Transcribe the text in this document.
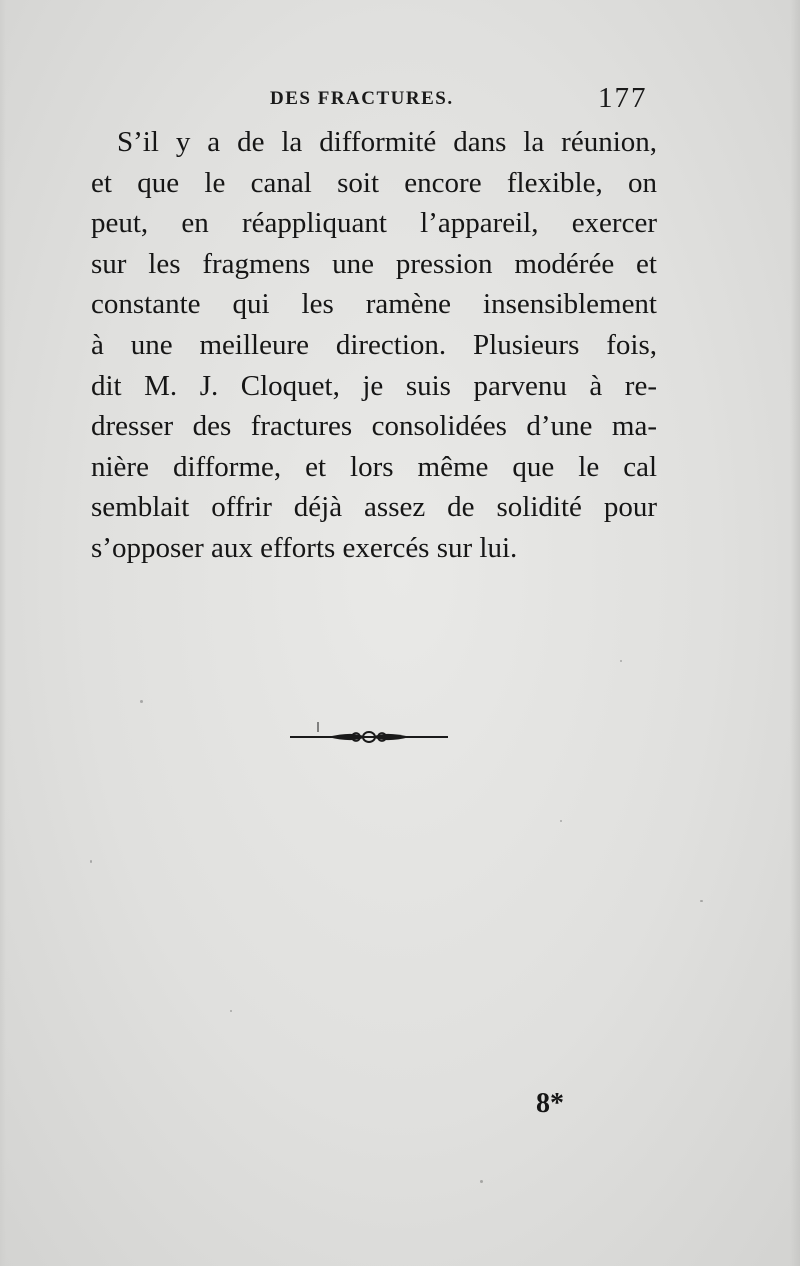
DES FRACTURES.	177
S’il y a de la difformité dans la réunion,
et que le canal soit encore flexible, on
peut, en réappliquant l’appareil, exercer
sur les fragmens une pression modérée et
constante qui les ramène insensiblement
à une meilleure direction. Plusieurs fois,
dit M. J. Cloquet, je suis parvenu à re-
dresser des fractures consolidées d’une ma-
nière difforme, et lors même que le cal
semblait offrir déjà assez de solidité pour
s’opposer aux efforts exercés sur lui.
8*
